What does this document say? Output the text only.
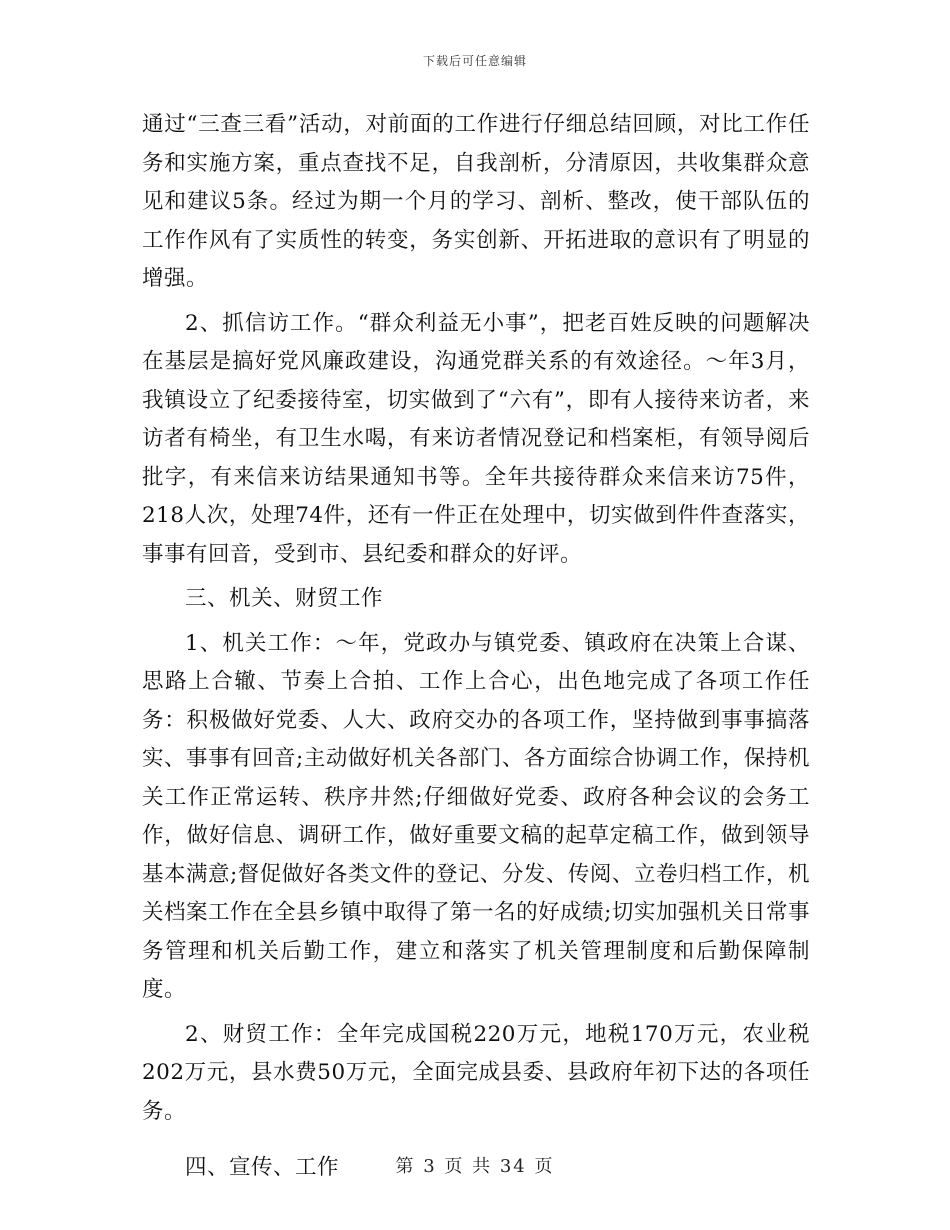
下载后可任意编辑

通过“三查三看”活动，对前面的工作进行仔细总结回顾，对比工作任务和实施方案，重点查找不足，自我剖析，分清原因，共收集群众意见和建议5条。经过为期一个月的学习、剖析、整改，使干部队伍的工作作风有了实质性的转变，务实创新、开拓进取的意识有了明显的增强。

2、抓信访工作。“群众利益无小事”，把老百姓反映的问题解决在基层是搞好党风廉政建设，沟通党群关系的有效途径。～年3月，我镇设立了纪委接待室，切实做到了“六有”，即有人接待来访者，来访者有椅坐，有卫生水喝，有来访者情况登记和档案柜，有领导阅后批字，有来信来访结果通知书等。全年共接待群众来信来访75件，218人次，处理74件，还有一件正在处理中，切实做到件件查落实，事事有回音，受到市、县纪委和群众的好评。

三、机关、财贸工作

1、机关工作：～年，党政办与镇党委、镇政府在决策上合谋、思路上合辙、节奏上合拍、工作上合心，出色地完成了各项工作任务：积极做好党委、人大、政府交办的各项工作，坚持做到事事搞落实、事事有回音;主动做好机关各部门、各方面综合协调工作，保持机关工作正常运转、秩序井然;仔细做好党委、政府各种会议的会务工作，做好信息、调研工作，做好重要文稿的起草定稿工作，做到领导基本满意;督促做好各类文件的登记、分发、传阅、立卷归档工作，机关档案工作在全县乡镇中取得了第一名的好成绩;切实加强机关日常事务管理和机关后勤工作，建立和落实了机关管理制度和后勤保障制度。

2、财贸工作：全年完成国税220万元，地税170万元，农业税202万元，县水费50万元，全面完成县委、县政府年初下达的各项任务。

四、宣传、工作	第 3 页 共 34 页
